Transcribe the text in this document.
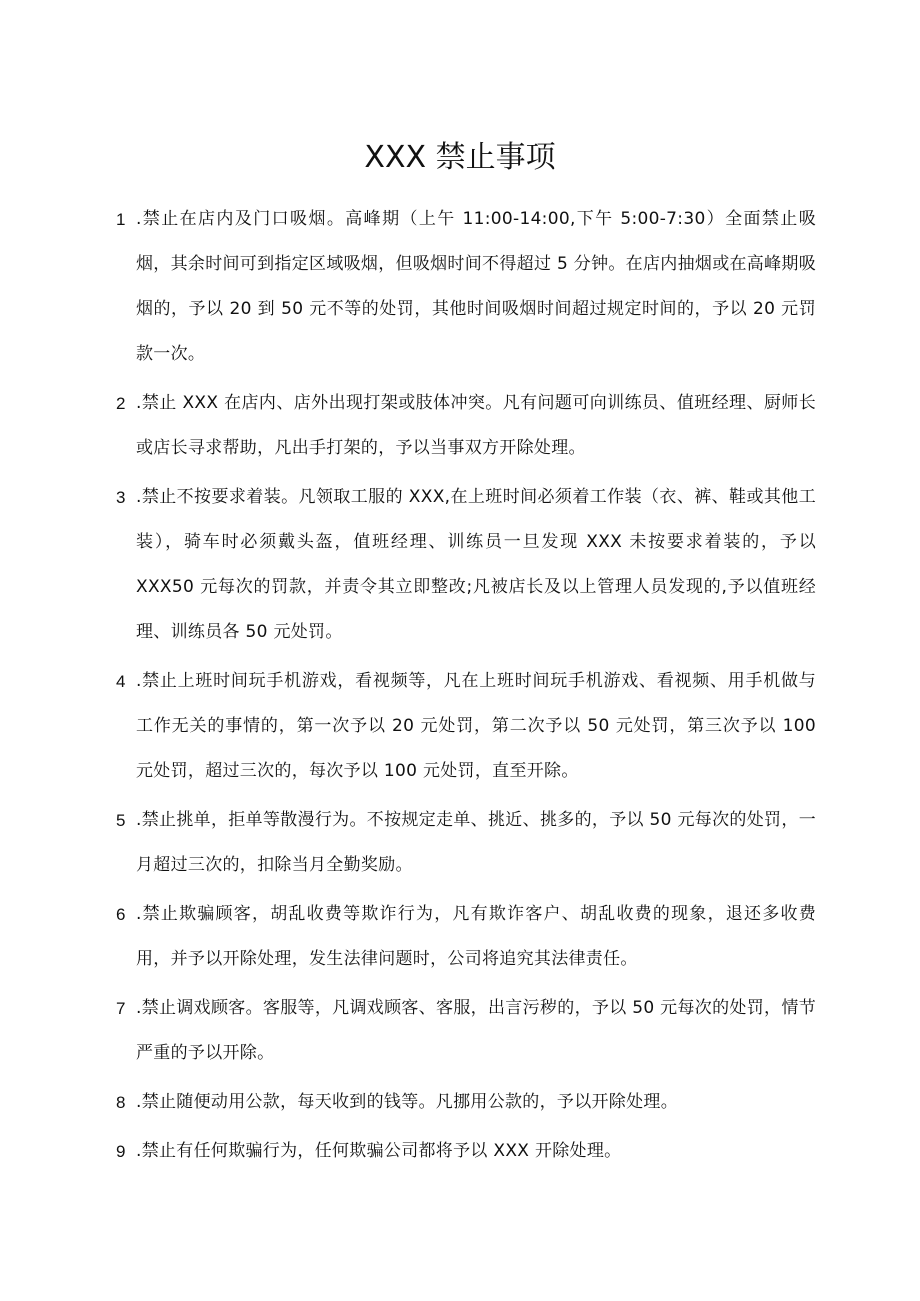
XXX 禁止事项
1 .禁止在店内及门口吸烟。高峰期（上午 11:00-14:00,下午 5:00-7:30）全面禁止吸烟，其余时间可到指定区域吸烟，但吸烟时间不得超过 5 分钟。在店内抽烟或在高峰期吸烟的，予以 20 到 50 元不等的处罚，其他时间吸烟时间超过规定时间的，予以 20 元罚款一次。
2 .禁止 XXX 在店内、店外出现打架或肢体冲突。凡有问题可向训练员、值班经理、厨师长或店长寻求帮助，凡出手打架的，予以当事双方开除处理。
3 .禁止不按要求着装。凡领取工服的 XXX,在上班时间必须着工作装（衣、裤、鞋或其他工装），骑车时必须戴头盔，值班经理、训练员一旦发现 XXX 未按要求着装的，予以 XXX50 元每次的罚款，并责令其立即整改;凡被店长及以上管理人员发现的,予以值班经理、训练员各 50 元处罚。
4 .禁止上班时间玩手机游戏，看视频等，凡在上班时间玩手机游戏、看视频、用手机做与工作无关的事情的，第一次予以 20 元处罚，第二次予以 50 元处罚，第三次予以 100 元处罚，超过三次的，每次予以 100 元处罚，直至开除。
5 .禁止挑单，拒单等散漫行为。不按规定走单、挑近、挑多的，予以 50 元每次的处罚，一月超过三次的，扣除当月全勤奖励。
6 .禁止欺骗顾客，胡乱收费等欺诈行为，凡有欺诈客户、胡乱收费的现象，退还多收费用，并予以开除处理，发生法律问题时，公司将追究其法律责任。
7 .禁止调戏顾客。客服等，凡调戏顾客、客服，出言污秽的，予以 50 元每次的处罚，情节严重的予以开除。
8 .禁止随便动用公款，每天收到的钱等。凡挪用公款的，予以开除处理。
9 .禁止有任何欺骗行为，任何欺骗公司都将予以 XXX 开除处理。
